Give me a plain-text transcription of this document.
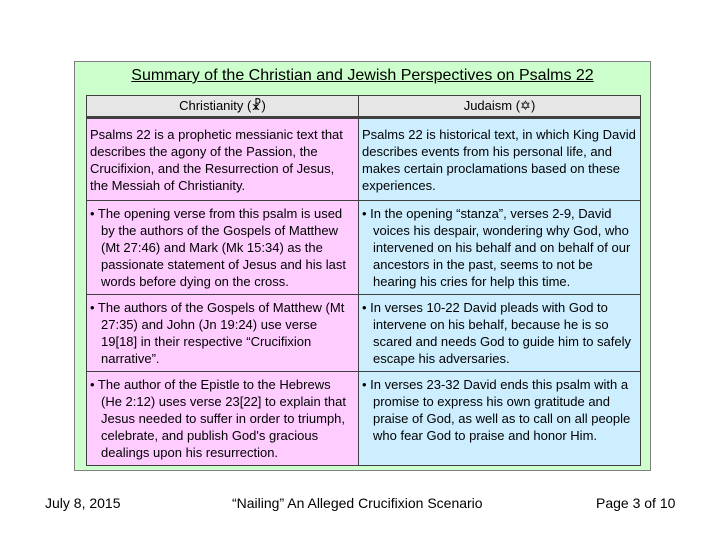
Summary of the Christian and Jewish Perspectives on Psalms 22
Christianity (☧)	Judaism (✡)
Psalms 22 is a prophetic messianic text that describes the agony of the Passion, the Crucifixion, and the Resurrection of Jesus, the Messiah of Christianity.	Psalms 22 is historical text, in which King David describes events from his personal life, and makes certain proclamations based on these experiences.
• The opening verse from this psalm is used by the authors of the Gospels of Matthew (Mt 27:46) and Mark (Mk 15:34) as the passionate statement of Jesus and his last words before dying on the cross.	• In the opening “stanza”, verses 2-9, David voices his despair, wondering why God, who intervened on his behalf and on behalf of our ancestors in the past, seems to not be hearing his cries for help this time.
• The authors of the Gospels of Matthew (Mt 27:35) and John (Jn 19:24) use verse 19[18] in their respective “Crucifixion narrative”.	• In verses 10-22 David pleads with God to intervene on his behalf, because he is so scared and needs God to guide him to safely escape his adversaries.
• The author of the Epistle to the Hebrews (He 2:12) uses verse 23[22] to explain that Jesus needed to suffer in order to triumph, celebrate, and publish God's gracious dealings upon his resurrection.	• In verses 23-32 David ends this psalm with a promise to express his own gratitude and praise of God, as well as to call on all people who fear God to praise and honor Him.
July 8, 2015	“Nailing” An Alleged Crucifixion Scenario	Page 3 of 10
